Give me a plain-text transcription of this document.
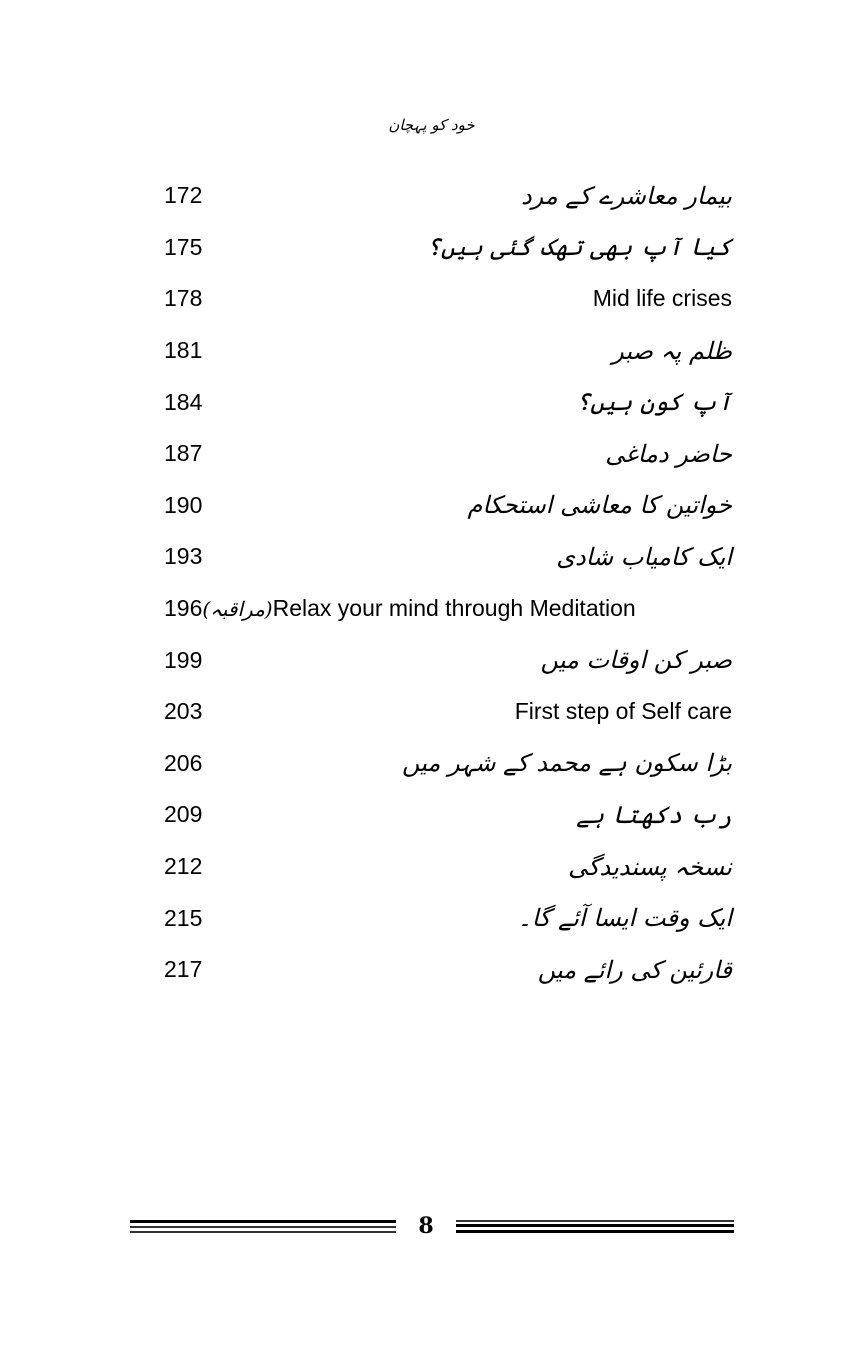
خود کو پہچان
172	بیمار معاشرے کے مرد
175	کیا آپ بھی تھک گئی ہیں؟
178	Mid life crises
181	ظلم پہ صبر
184	آپ کون ہیں؟
187	حاضر دماغی
190	خواتین کا معاشی استحکام
193	ایک کامیاب شادی
196 (مراقبہ) Relax your mind through Meditation
199	صبر کن اوقات میں
203	First step of Self care
206	بڑا سکون ہے محمد کے شہر میں
209	رب دکھتا ہے
212	نسخہ پسندیدگی
215	ایک وقت ایسا آئے گا۔
217	قارئین کی رائے میں
8
